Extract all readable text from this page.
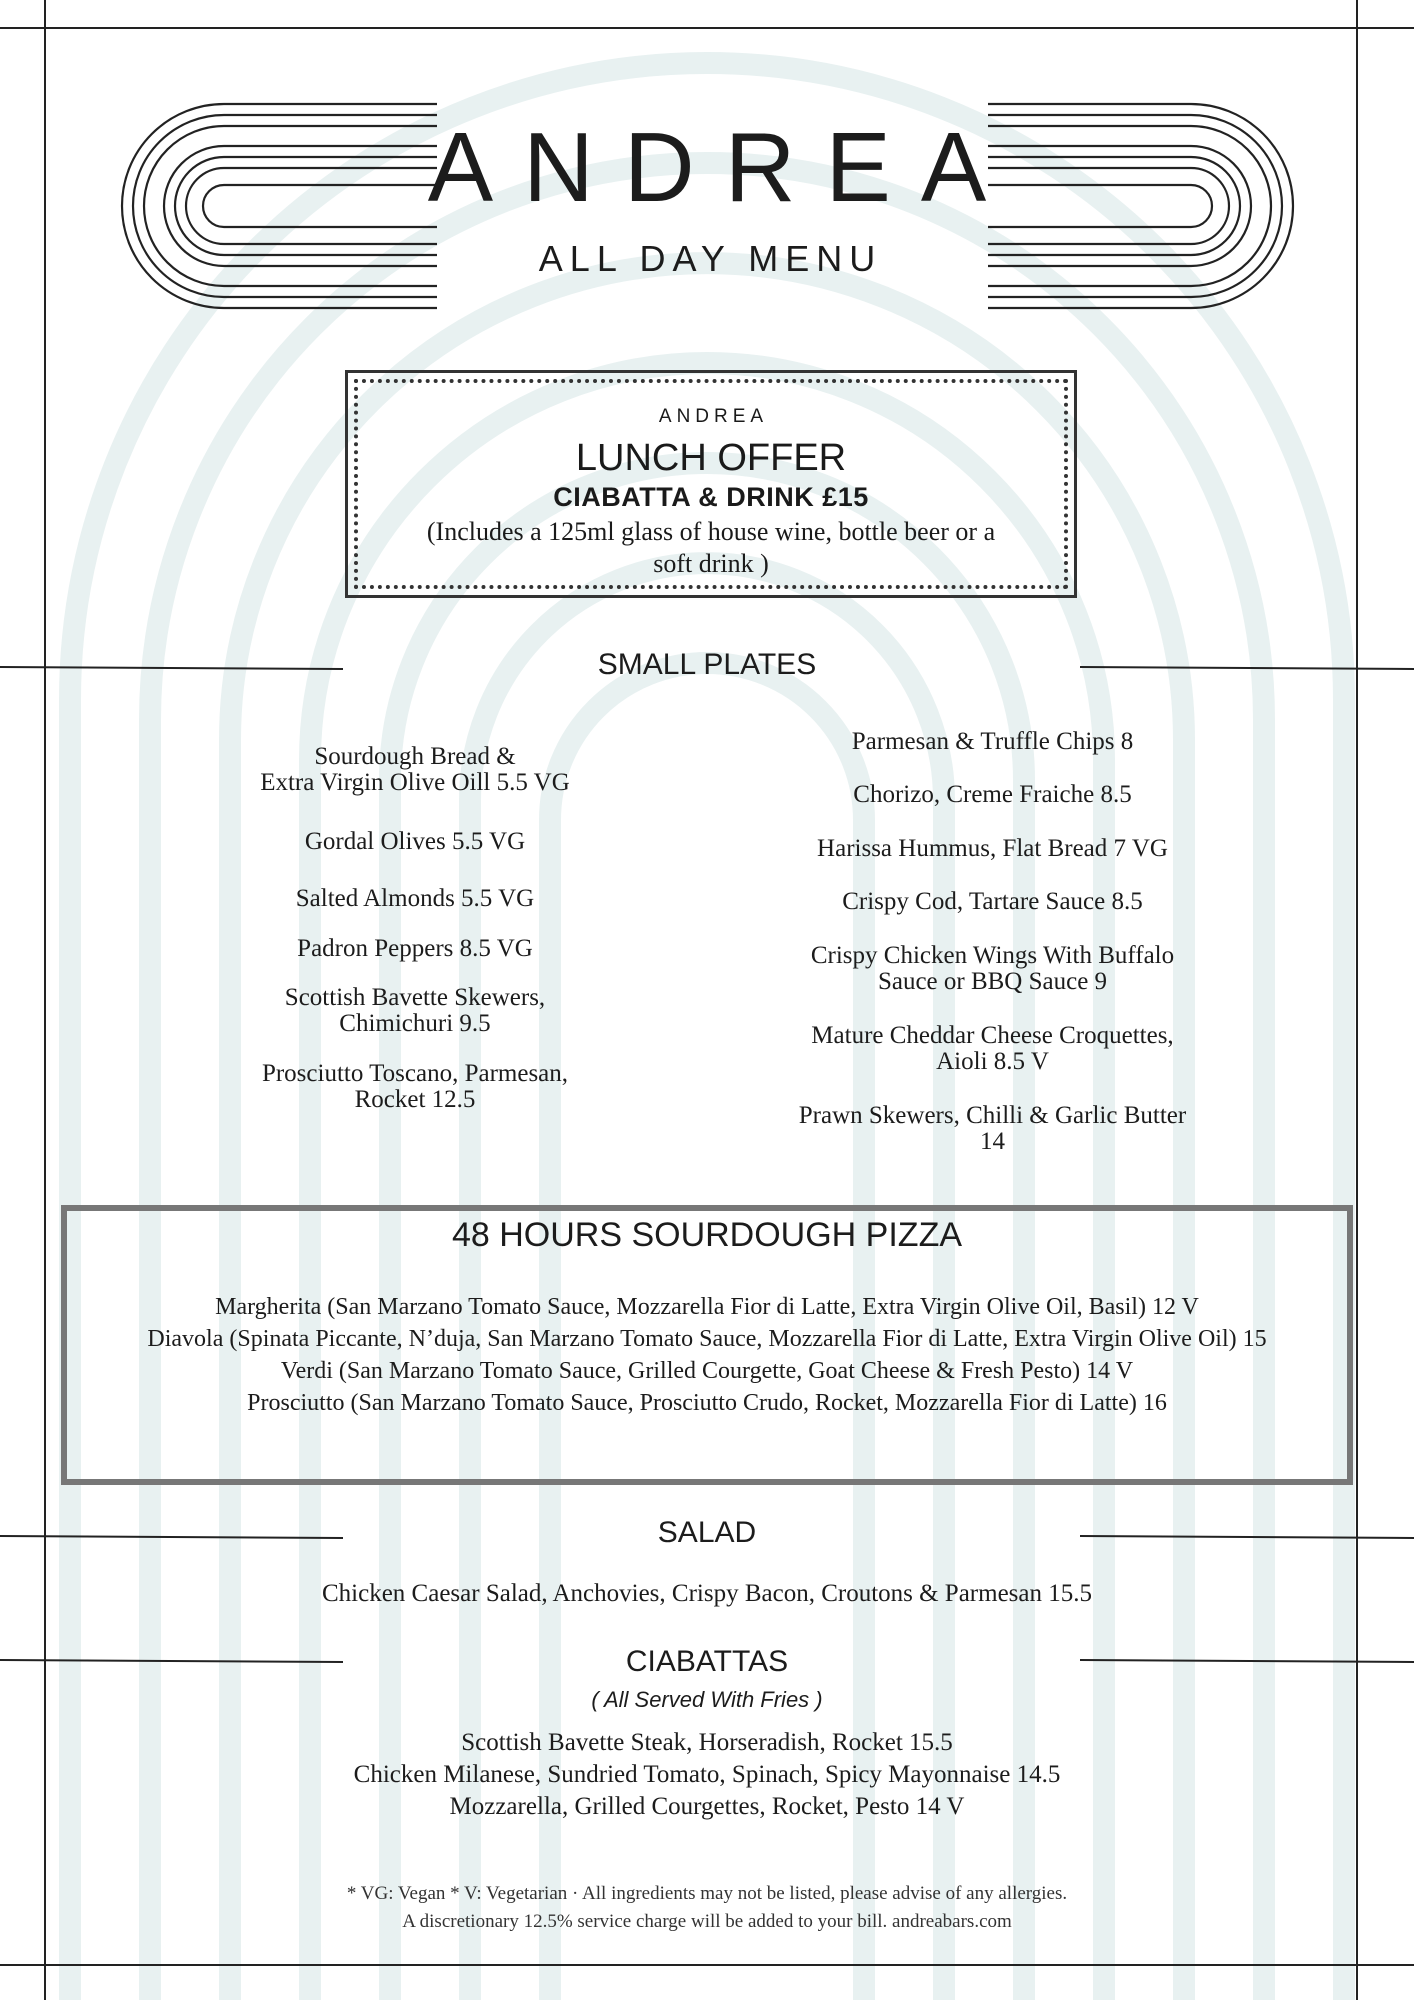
ANDREA
ALL DAY MENU
ANDREA
LUNCH OFFER
CIABATTA & DRINK £15
(Includes a 125ml glass of house wine, bottle beer or a
soft drink )
SMALL PLATES
Sourdough Bread &
Extra Virgin Olive Oill 5.5 VG
Gordal Olives 5.5 VG
Salted Almonds 5.5 VG
Padron Peppers 8.5 VG
Scottish Bavette Skewers,
Chimichuri 9.5
Prosciutto Toscano, Parmesan,
Rocket 12.5
Parmesan & Truffle Chips 8
Chorizo, Creme Fraiche 8.5
Harissa Hummus, Flat Bread 7 VG
Crispy Cod, Tartare Sauce 8.5
Crispy Chicken Wings With Buffalo
Sauce or BBQ Sauce 9
Mature Cheddar Cheese Croquettes,
Aioli 8.5 V
Prawn Skewers, Chilli & Garlic Butter
14
48 HOURS SOURDOUGH PIZZA
Margherita (San Marzano Tomato Sauce, Mozzarella Fior di Latte, Extra Virgin Olive Oil, Basil) 12 V
Diavola (Spinata Piccante, N’duja, San Marzano Tomato Sauce, Mozzarella Fior di Latte, Extra Virgin Olive Oil) 15
Verdi (San Marzano Tomato Sauce, Grilled Courgette, Goat Cheese & Fresh Pesto) 14 V
Prosciutto (San Marzano Tomato Sauce, Prosciutto Crudo, Rocket, Mozzarella Fior di Latte) 16
SALAD
Chicken Caesar Salad, Anchovies, Crispy Bacon, Croutons & Parmesan 15.5
CIABATTAS
( All Served With Fries )
Scottish Bavette Steak, Horseradish, Rocket 15.5
Chicken Milanese, Sundried Tomato, Spinach, Spicy Mayonnaise 14.5
Mozzarella, Grilled Courgettes, Rocket, Pesto 14 V
* VG: Vegan * V: Vegetarian · All ingredients may not be listed, please advise of any allergies.
A discretionary 12.5% service charge will be added to your bill. andreabars.com
